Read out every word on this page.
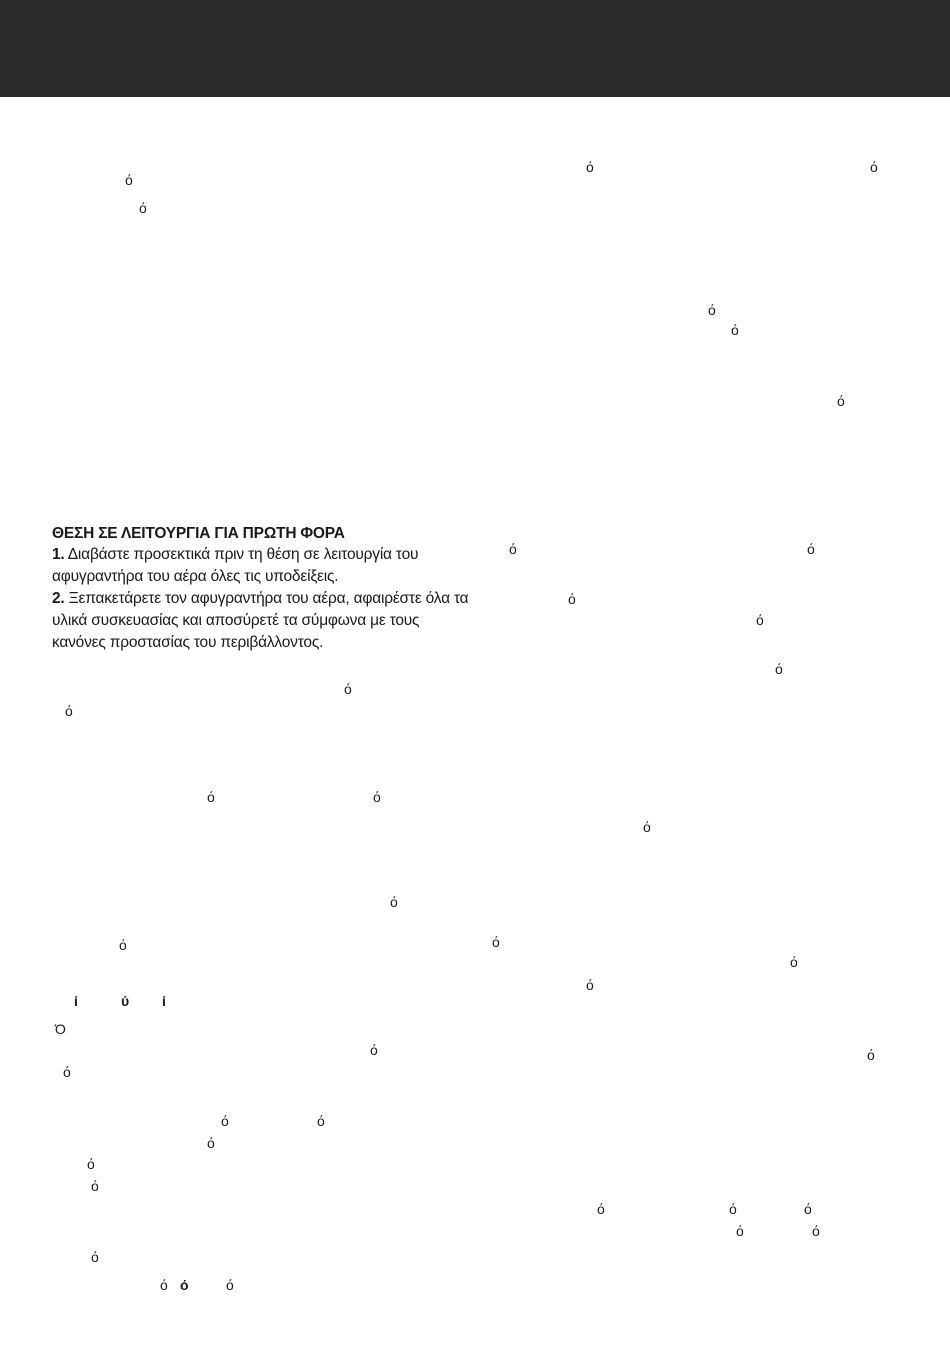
ΘΕΣΗ ΣΕ ΛΕΙΤΟΥΡΓΙΑ ΓΙΑ ΠΡΩΤΗ ΦΟΡΑ

1. Διαβάστε προσεκτικά πριν τη θέση σε λειτουργία του αφυγραντήρα του αέρα όλες τις υποδείξεις.

2. Ξεπακετάρετε τον αφυγραντήρα του αέρα, αφαιρέστε όλα τα υλικά συσκευασίας και αποσύρετέ τα σύμφωνα με τους κανόνες προστασίας του περιβάλλοντος.

ό
ό
ό	ό
ό
ό
ό
ό	ό
ό
ό
ό
ό
ό
ό	ό
ό
ό
ό	ό
ό
ό
ί	ύ ί
Ό
ό	ό
ό
ό	ό
ό
ό
ό
ό	ό	ό
ό	ό
ό
ό ό	ό
